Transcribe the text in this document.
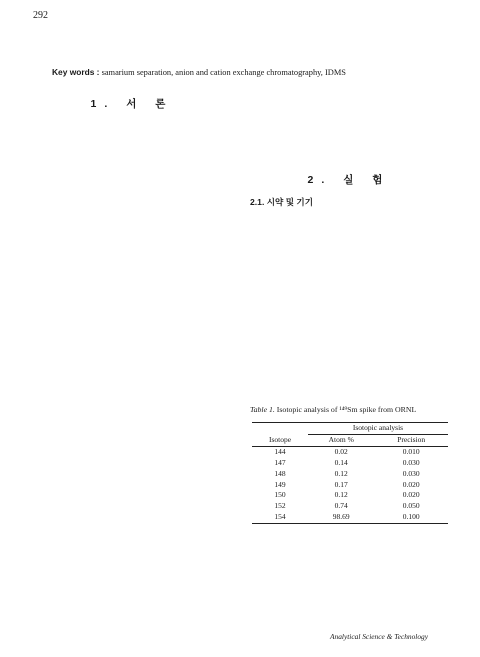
292
Key words : samarium separation, anion and cation exchange chromatography, IDMS
1. 서 론

2. 실 험
2.1. 시약 및 기기

Table 1. Isotopic analysis of ¹⁴⁹Sm spike from ORNL
	Isotopic analysis	
Isotope	Atom %	Precision
144	0.02	0.010
147	0.14	0.030
148	0.12	0.030
149	0.17	0.020
150	0.12	0.020
152	0.74	0.050
154	98.69	0.100

Analytical Science & Technology
